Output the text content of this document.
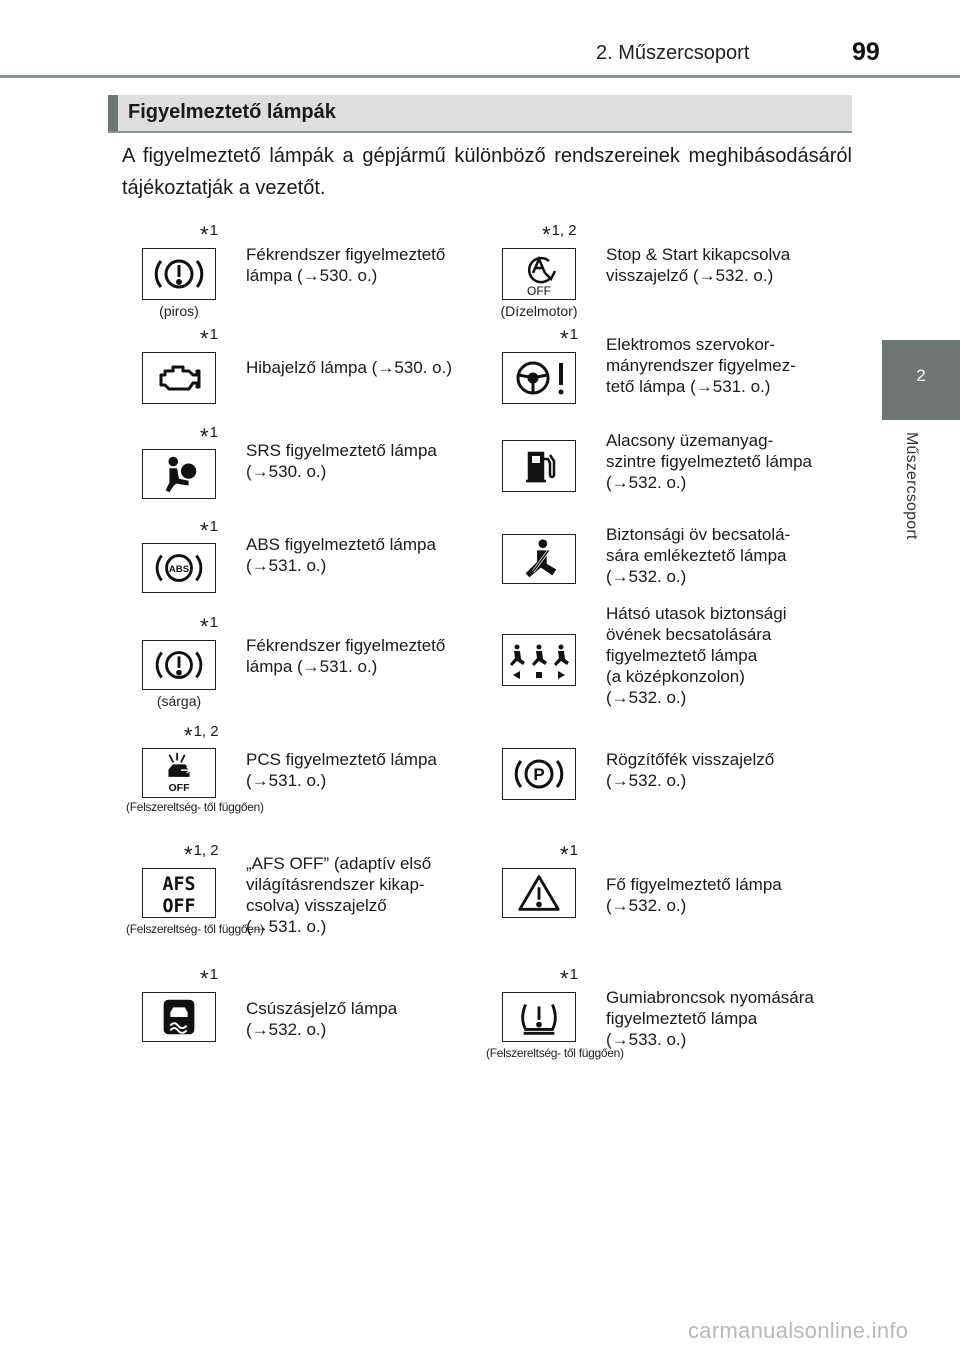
2. Műszercsoport	99
2
Műszercsoport
Figyelmeztető lámpák
A figyelmeztető lámpák a gépjármű különböző rendszereinek meghibásodásáról tájékoztatják a vezetőt.
*1
(piros)
Fékrendszer figyelmeztető
lámpa (→530. o.)
*1, 2
OFF
(Dízelmotor)
Stop & Start kikapcsolva
visszajelző (→532. o.)
*1
Hibajelző lámpa (→530. o.)
*1
Elektromos szervokor-
mányrendszer figyelmez-
tető lámpa (→531. o.)
*1
SRS figyelmeztető lámpa
(→530. o.)
Alacsony üzemanyag-
szintre figyelmeztető lámpa
(→532. o.)
*1
ABS
ABS figyelmeztető lámpa
(→531. o.)
Biztonsági öv becsatolá-
sára emlékeztető lámpa
(→532. o.)
*1
(sárga)
Fékrendszer figyelmeztető
lámpa (→531. o.)
Hátsó utasok biztonsági
övének becsatolására
figyelmeztető lámpa
(a középkonzolon)
(→532. o.)
*1, 2
OFF
(Felszereltség- től függően)
PCS figyelmeztető lámpa
(→531. o.)	P
Rögzítőfék visszajelző
(→532. o.)
*1, 2
AFS
OFF
(Felszereltség- től függően)
„AFS OFF” (adaptív első
világításrendszer kikap-
csolva) visszajelző
(→531. o.)
*1
Fő figyelmeztető lámpa
(→532. o.)
*1
Csúszásjelző lámpa
(→532. o.)
*1
(Felszereltség- től függően)
Gumiabroncsok nyomására
figyelmeztető lámpa
(→533. o.)
carmanualsonline.info
